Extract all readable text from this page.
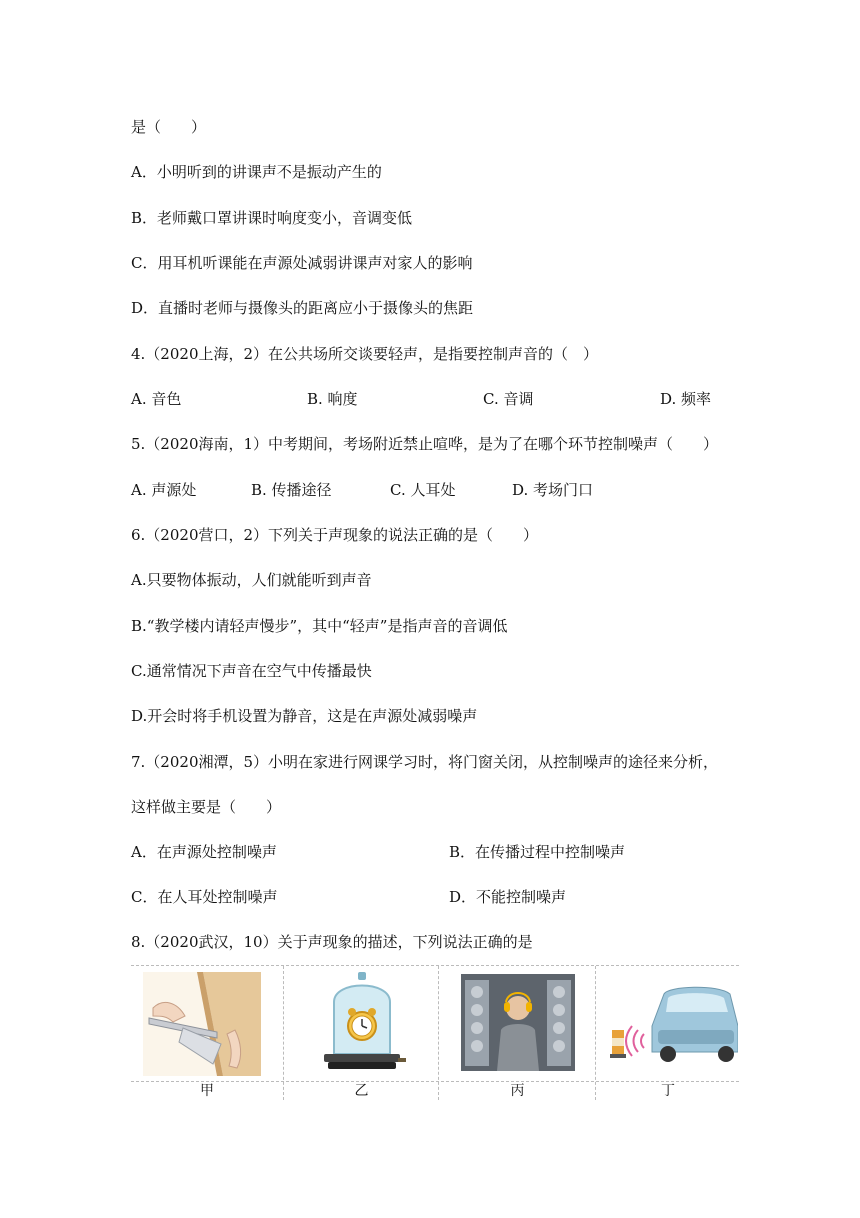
是（　　）
A．小明听到的讲课声不是振动产生的
B．老师戴口罩讲课时响度变小，音调变低
C．用耳机听课能在声源处减弱讲课声对家人的影响
D．直播时老师与摄像头的距离应小于摄像头的焦距
4.（2020上海，2）在公共场所交谈要轻声，是指要控制声音的（　）
A. 音色	B. 响度	C. 音调	D. 频率
5.（2020海南，1）中考期间，考场附近禁止喧哗，是为了在哪个环节控制噪声（　　）
A. 声源处	B. 传播途径	C. 人耳处	D. 考场门口
6.（2020营口，2）下列关于声现象的说法正确的是（　　）
A.只要物体振动，人们就能听到声音
B.“教学楼内请轻声慢步”，其中“轻声”是指声音的音调低
C.通常情况下声音在空气中传播最快
D.开会时将手机设置为静音，这是在声源处减弱噪声
7.（2020湘潭，5）小明在家进行网课学习时，将门窗关闭，从控制噪声的途径来分析，
这样做主要是（　　）
A．在声源处控制噪声	B．在传播过程中控制噪声
C．在人耳处控制噪声	D．不能控制噪声
8.（2020武汉，10）关于声现象的描述，下列说法正确的是
甲	乙	丙	丁
